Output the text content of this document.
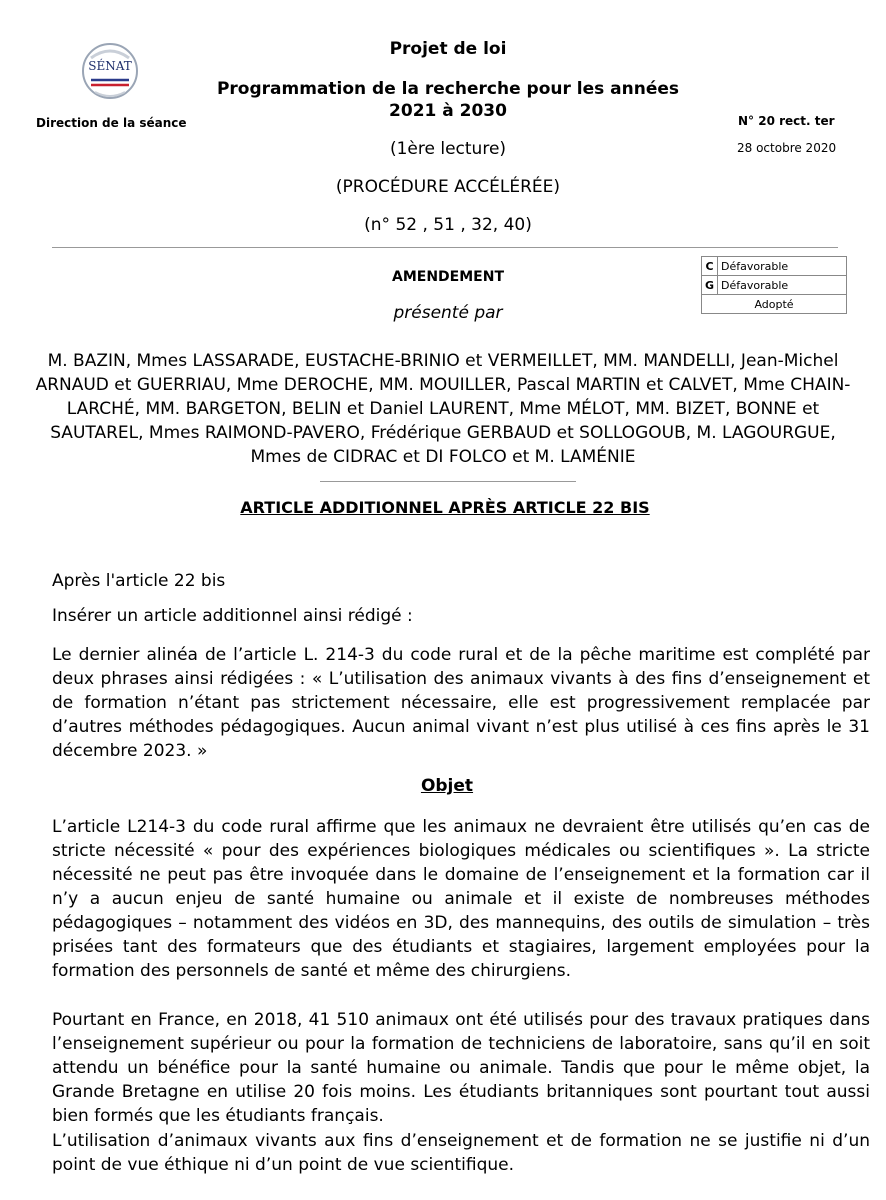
SÉNAT
Direction de la séance
Projet de loi
Programmation de la recherche pour les années 2021 à 2030
(1ère lecture)
(PROCÉDURE ACCÉLÉRÉE)
(n° 52 , 51 , 32, 40)
N° 20 rect. ter
28 octobre 2020
AMENDEMENT
présenté par
C	Défavorable
G	Défavorable
Adopté	
M. BAZIN, Mmes LASSARADE, EUSTACHE-BRINIO et VERMEILLET, MM. MANDELLI, Jean-Michel ARNAUD et GUERRIAU, Mme DEROCHE, MM. MOUILLER, Pascal MARTIN et CALVET, Mme CHAIN-LARCHÉ, MM. BARGETON, BELIN et Daniel LAURENT, Mme MÉLOT, MM. BIZET, BONNE et SAUTAREL, Mmes RAIMOND-PAVERO, Frédérique GERBAUD et SOLLOGOUB, M. LAGOURGUE, Mmes de CIDRAC et DI FOLCO et M. LAMÉNIE
ARTICLE ADDITIONNEL APRÈS ARTICLE 22 BIS
Après l'article 22 bis
Insérer un article additionnel ainsi rédigé :
Le dernier alinéa de l’article L. 214-3 du code rural et de la pêche maritime est complété par deux phrases ainsi rédigées : « L’utilisation des animaux vivants à des fins d’enseignement et de formation n’étant pas strictement nécessaire, elle est progressivement remplacée par d’autres méthodes pédagogiques. Aucun animal vivant n’est plus utilisé à ces fins après le 31 décembre 2023. »
Objet
L’article L214-3 du code rural affirme que les animaux ne devraient être utilisés qu’en cas de stricte nécessité « pour des expériences biologiques médicales ou scientifiques ». La stricte nécessité ne peut pas être invoquée dans le domaine de l’enseignement et la formation car il n’y a aucun enjeu de santé humaine ou animale et il existe de nombreuses méthodes pédagogiques – notamment des vidéos en 3D, des mannequins, des outils de simulation – très prisées tant des formateurs que des étudiants et stagiaires, largement employées pour la formation des personnels de santé et même des chirurgiens.
Pourtant en France, en 2018, 41 510 animaux ont été utilisés pour des travaux pratiques dans l’enseignement supérieur ou pour la formation de techniciens de laboratoire, sans qu’il en soit attendu un bénéfice pour la santé humaine ou animale. Tandis que pour le même objet, la Grande Bretagne en utilise 20 fois moins. Les étudiants britanniques sont pourtant tout aussi bien formés que les étudiants français.
L’utilisation d’animaux vivants aux fins d’enseignement et de formation ne se justifie ni d’un point de vue éthique ni d’un point de vue scientifique.
